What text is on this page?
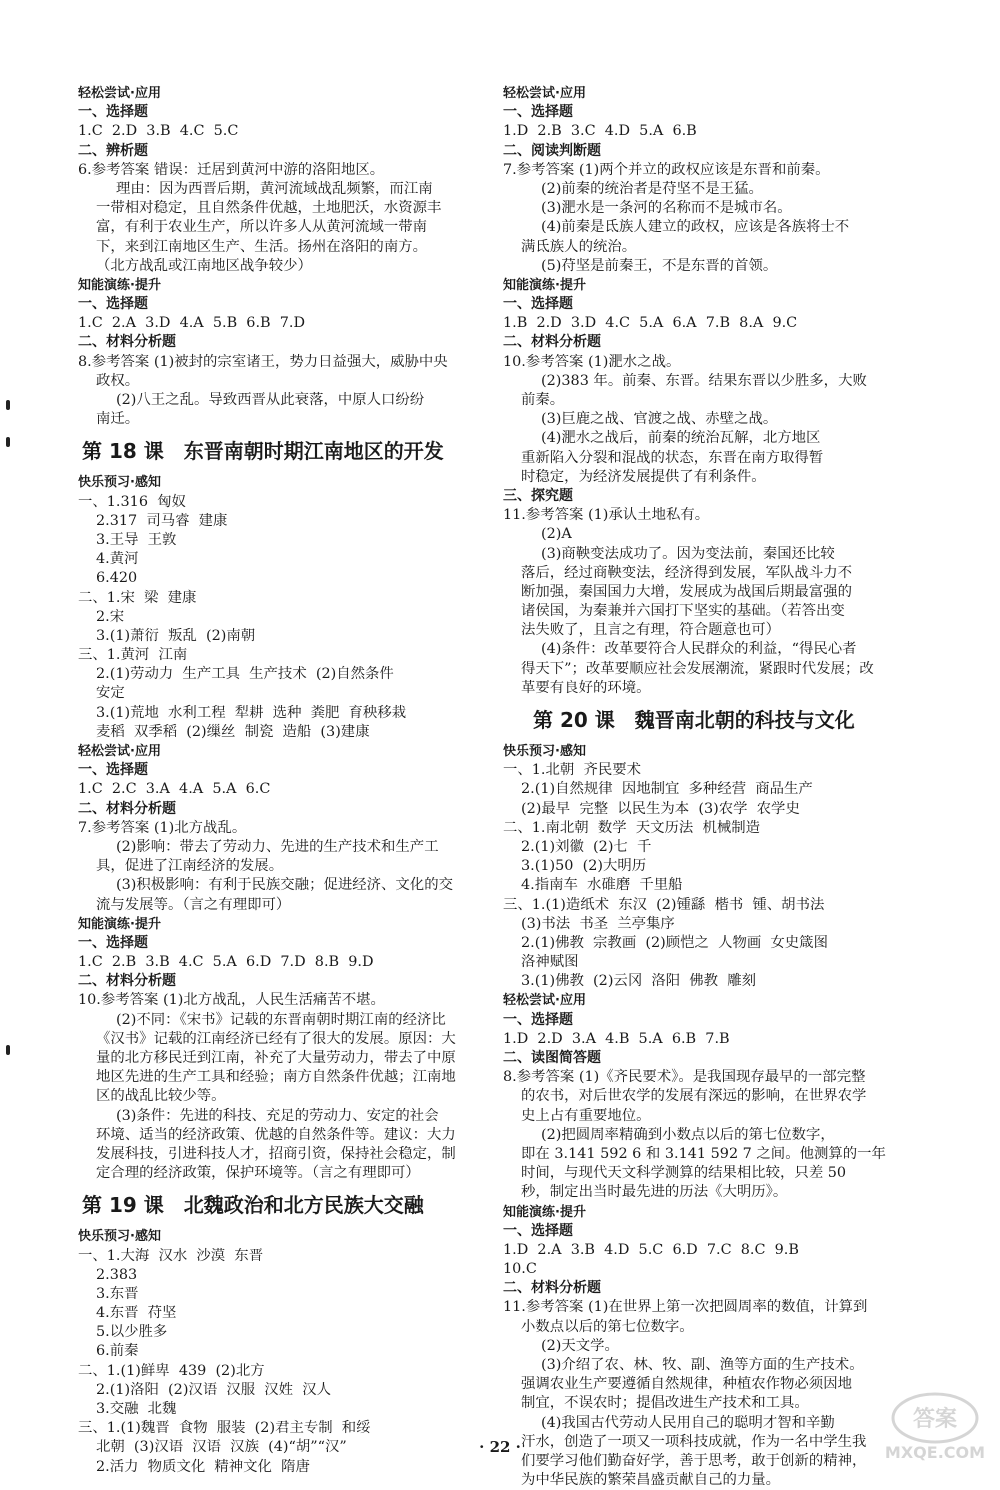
轻松尝试·应用
一、选择题
1.C  2.D  3.B  4.C  5.C
二、辨析题
6.参考答案 错误：迁居到黄河中游的洛阳地区。
理由：因为西晋后期，黄河流域战乱频繁，而江南
一带相对稳定，且自然条件优越，土地肥沃，水资源丰
富，有利于农业生产，所以许多人从黄河流域一带南
下，来到江南地区生产、生活。扬州在洛阳的南方。
（北方战乱或江南地区战争较少）
知能演练·提升
一、选择题
1.C  2.A  3.D  4.A  5.B  6.B  7.D
二、材料分析题
8.参考答案 (1)被封的宗室诸王，势力日益强大，威胁中央
政权。
(2)八王之乱。导致西晋从此衰落，中原人口纷纷
南迁。
第 18 课　东晋南朝时期江南地区的开发
快乐预习·感知
一、1.316  匈奴
2.317  司马睿  建康
3.王导  王敦
4.黄河
6.420
二、1.宋  梁  建康
2.宋
3.(1)萧衍  叛乱  (2)南朝
三、1.黄河  江南
2.(1)劳动力  生产工具  生产技术  (2)自然条件
安定
3.(1)荒地  水利工程  犁耕  选种  粪肥  育秧移栽
麦稻  双季稻  (2)缫丝  制瓷  造船  (3)建康
轻松尝试·应用
一、选择题
1.C  2.C  3.A  4.A  5.A  6.C
二、材料分析题
7.参考答案 (1)北方战乱。
(2)影响：带去了劳动力、先进的生产技术和生产工
具，促进了江南经济的发展。
(3)积极影响：有利于民族交融；促进经济、文化的交
流与发展等。（言之有理即可）
知能演练·提升
一、选择题
1.C  2.B  3.B  4.C  5.A  6.D  7.D  8.B  9.D
二、材料分析题
10.参考答案 (1)北方战乱，人民生活痛苦不堪。
(2)不同：《宋书》记载的东晋南朝时期江南的经济比
《汉书》记载的江南经济已经有了很大的发展。原因：大
量的北方移民迁到江南，补充了大量劳动力，带去了中原
地区先进的生产工具和经验；南方自然条件优越；江南地
区的战乱比较少等。
(3)条件：先进的科技、充足的劳动力、安定的社会
环境、适当的经济政策、优越的自然条件等。建议：大力
发展科技，引进科技人才，招商引资，保持社会稳定，制
定合理的经济政策，保护环境等。（言之有理即可）
第 19 课　北魏政治和北方民族大交融
快乐预习·感知
一、1.大海  汉水  沙漠  东晋
2.383
3.东晋
4.东晋  苻坚
5.以少胜多
6.前秦
二、1.(1)鲜卑  439  (2)北方
2.(1)洛阳  (2)汉语  汉服  汉姓  汉人
3.交融  北魏
三、1.(1)魏晋  食物  服装  (2)君主专制  和绥
北朝  (3)汉语  汉语  汉族  (4)“胡”“汉”
2.活力  物质文化  精神文化  隋唐
轻松尝试·应用
一、选择题
1.D  2.B  3.C  4.D  5.A  6.B
二、阅读判断题
7.参考答案 (1)两个并立的政权应该是东晋和前秦。
(2)前秦的统治者是苻坚不是王猛。
(3)淝水是一条河的名称而不是城市名。
(4)前秦是氐族人建立的政权，应该是各族将士不
满氐族人的统治。
(5)苻坚是前秦王，不是东晋的首领。
知能演练·提升
一、选择题
1.B  2.D  3.D  4.C  5.A  6.A  7.B  8.A  9.C
二、材料分析题
10.参考答案 (1)淝水之战。
(2)383 年。前秦、东晋。结果东晋以少胜多，大败
前秦。
(3)巨鹿之战、官渡之战、赤壁之战。
(4)淝水之战后，前秦的统治瓦解，北方地区
重新陷入分裂和混战的状态，东晋在南方取得暂
时稳定，为经济发展提供了有利条件。
三、探究题
11.参考答案 (1)承认土地私有。
(2)A
(3)商鞅变法成功了。因为变法前，秦国还比较
落后，经过商鞅变法，经济得到发展，军队战斗力不
断加强，秦国国力大增，发展成为战国后期最富强的
诸侯国，为秦兼并六国打下坚实的基础。（若答出变
法失败了，且言之有理，符合题意也可）
(4)条件：改革要符合人民群众的利益，“得民心者
得天下”；改革要顺应社会发展潮流，紧跟时代发展；改
革要有良好的环境。
第 20 课　魏晋南北朝的科技与文化
快乐预习·感知
一、1.北朝  齐民要术
2.(1)自然规律  因地制宜  多种经营  商品生产
(2)最早  完整  以民生为本  (3)农学  农学史
二、1.南北朝  数学  天文历法  机械制造
2.(1)刘徽  (2)七  千
3.(1)50  (2)大明历
4.指南车  水碓磨  千里船
三、1.(1)造纸术  东汉  (2)锺繇  楷书  锺、胡书法
(3)书法  书圣  兰亭集序
2.(1)佛教  宗教画  (2)顾恺之  人物画  女史箴图
洛神赋图
3.(1)佛教  (2)云冈  洛阳  佛教  雕刻
轻松尝试·应用
一、选择题
1.D  2.D  3.A  4.B  5.A  6.B  7.B
二、读图简答题
8.参考答案 (1)《齐民要术》。是我国现存最早的一部完整
的农书，对后世农学的发展有深远的影响，在世界农学
史上占有重要地位。
(2)把圆周率精确到小数点以后的第七位数字，
即在 3.141 592 6 和 3.141 592 7 之间。他测算的一年
时间，与现代天文科学测算的结果相比较，只差 50
秒，制定出当时最先进的历法《大明历》。
知能演练·提升
一、选择题
1.D  2.A  3.B  4.D  5.C  6.D  7.C  8.C  9.B
10.C
二、材料分析题
11.参考答案 (1)在世界上第一次把圆周率的数值，计算到
小数点以后的第七位数字。
(2)天文学。
(3)介绍了农、林、牧、副、渔等方面的生产技术。
强调农业生产要遵循自然规律，种植农作物必须因地
制宜，不误农时；提倡改进生产技术和工具。
(4)我国古代劳动人民用自己的聪明才智和辛勤
汗水，创造了一项又一项科技成就，作为一名中学生我
们要学习他们勤奋好学，善于思考，敢于创新的精神，
为中华民族的繁荣昌盛贡献自己的力量。
· 22 ·
答案
MXQE.COM
